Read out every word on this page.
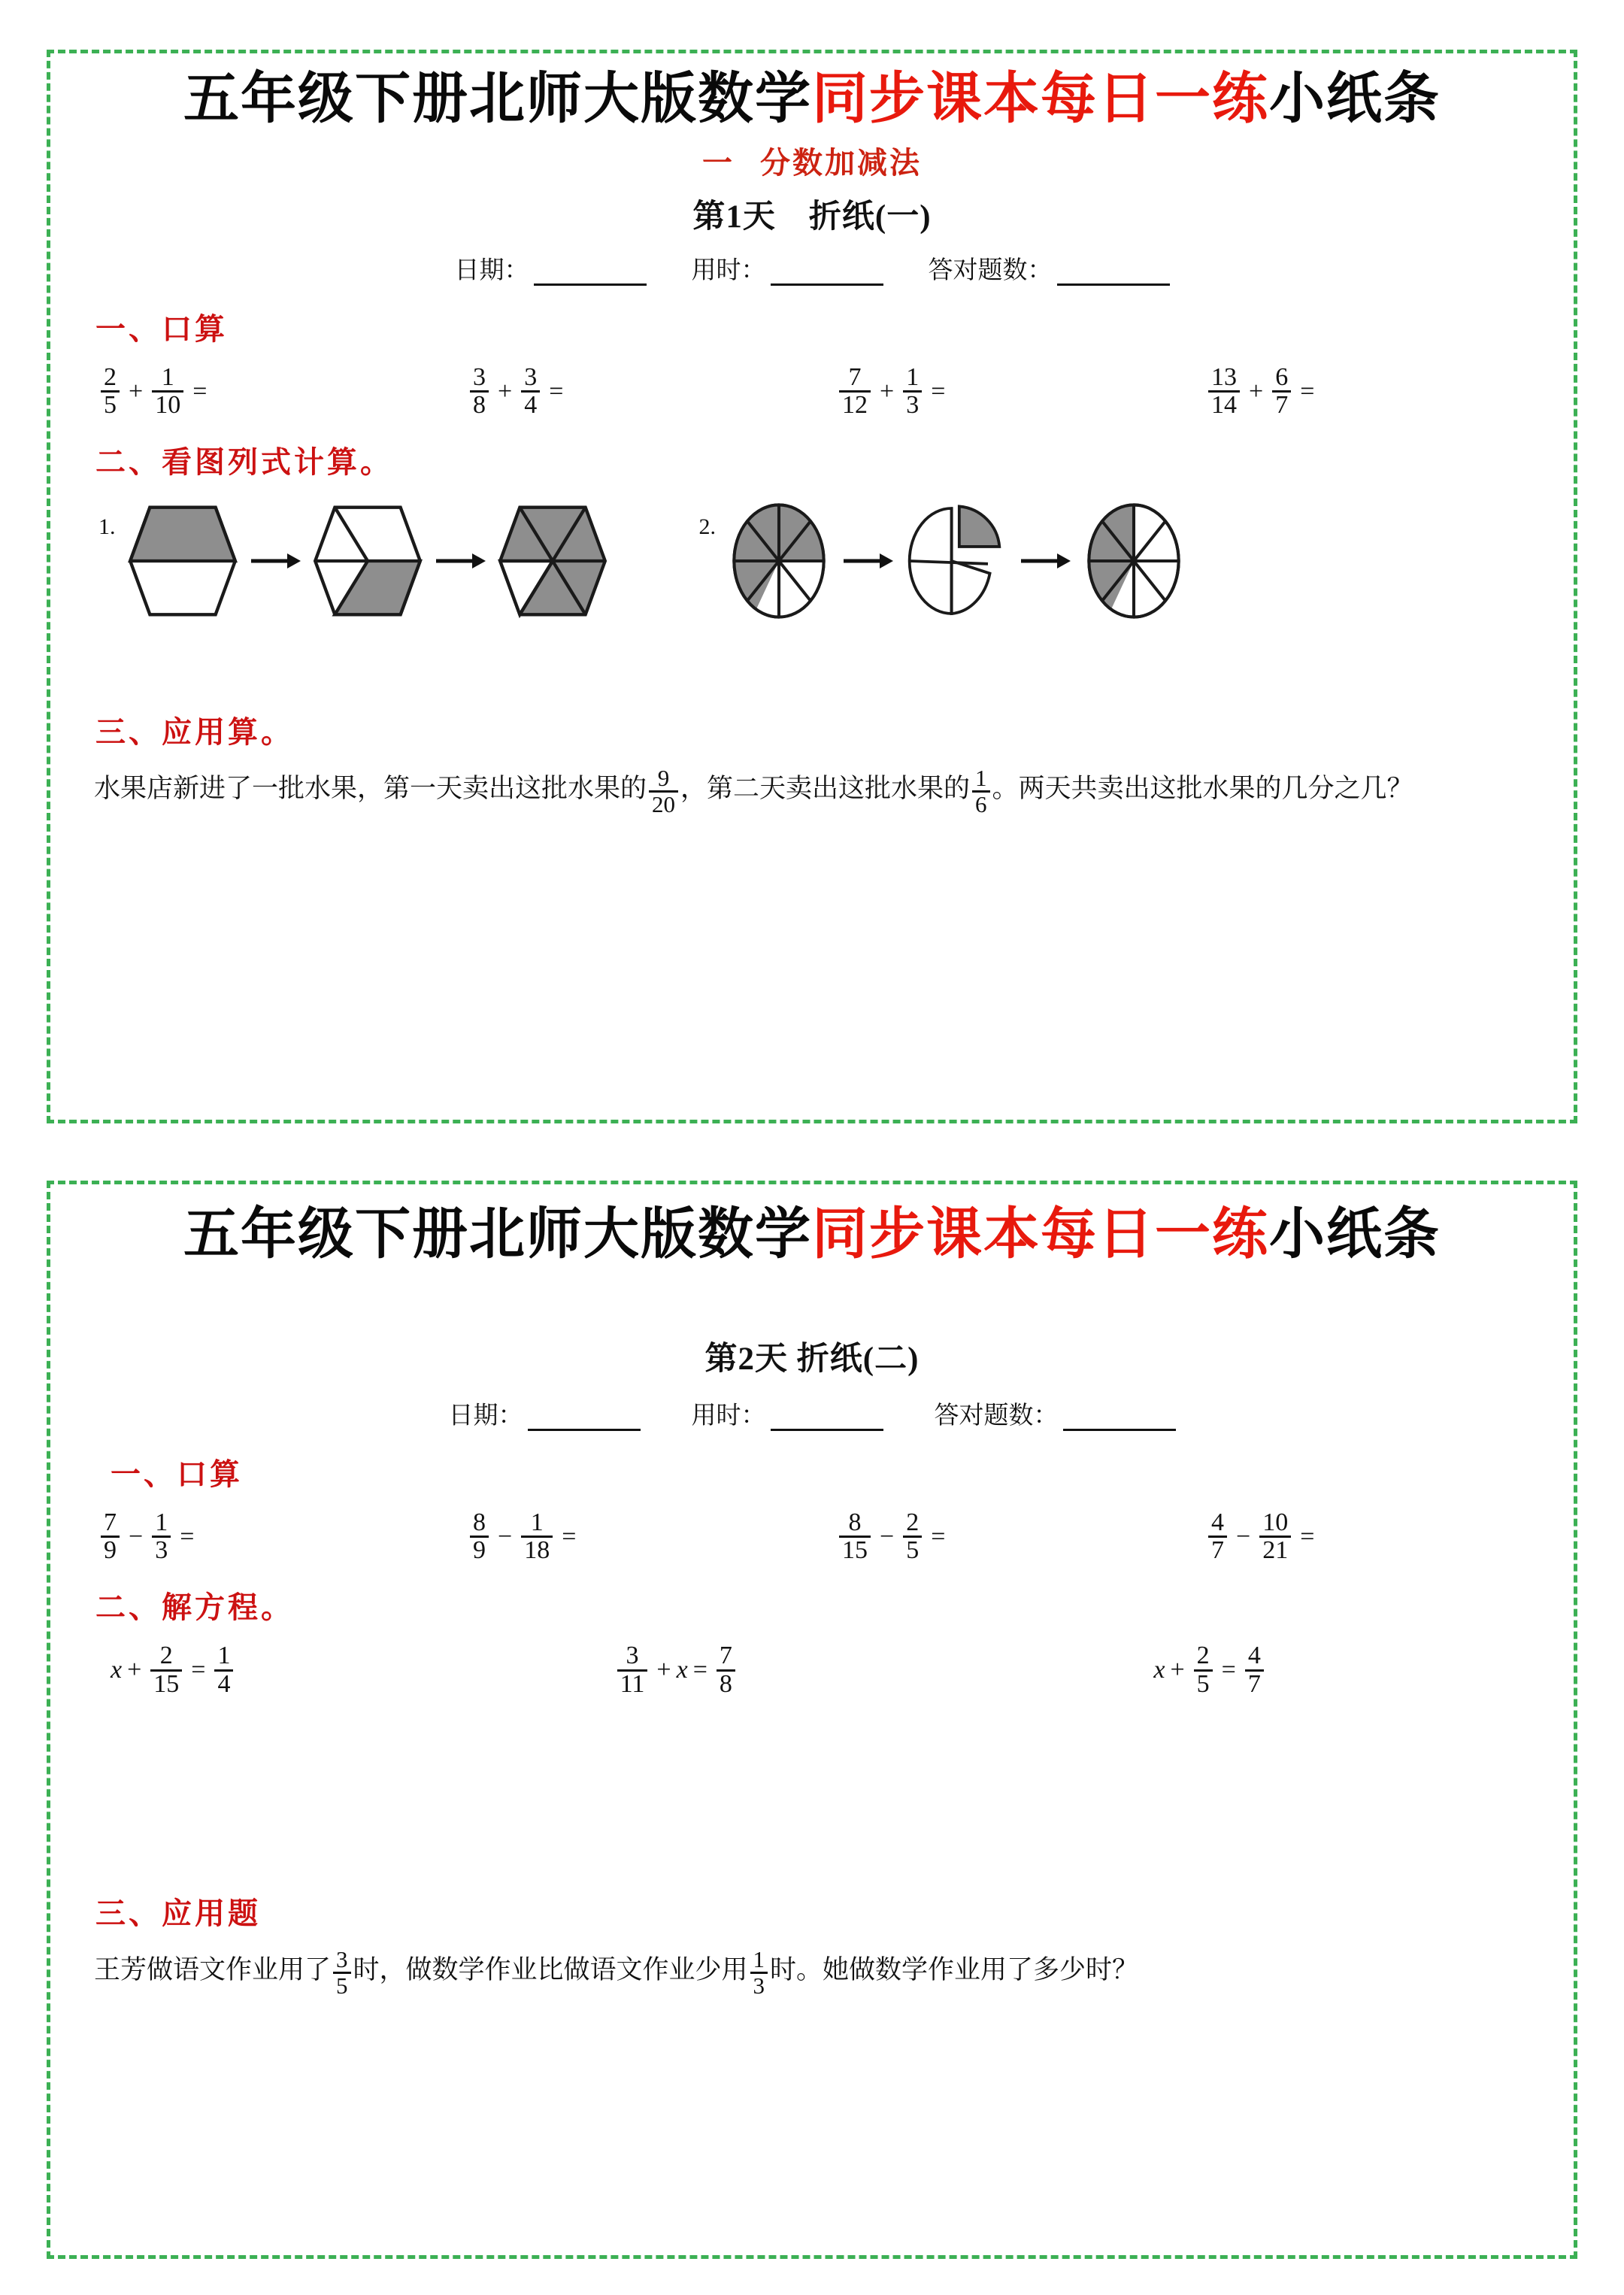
五年级下册北师大版数学同步课本每日一练小纸条
一 分数加减法
第1天　折纸(一)
日期：	用时：	答对题数：
一、口算
$\frac{2}{5} + \frac{1}{10}$ =	$\frac{3}{8} + \frac{3}{4}$ =	$\frac{7}{12} + \frac{1}{3}$ =	$\frac{13}{14} + \frac{6}{7}$ =
二、看图列式计算。
1.	2.
三、应用算。
水果店新进了一批水果，第一天卖出这批水果的 $\frac{9}{20}$ ，第二天卖出这批水果的 $\frac{1}{6}$ 。两天共卖出这批水果的几分之几？
五年级下册北师大版数学同步课本每日一练小纸条
第2天 折纸(二)
日期：	用时：	答对题数：
一、口算
$\frac{7}{9} - \frac{1}{3}$ =	$\frac{8}{9} - \frac{1}{18}$ =	$\frac{8}{15} - \frac{2}{5}$ =	$\frac{4}{7} - \frac{10}{21}$ =
二、解方程。
$x + \frac{2}{15} = \frac{1}{4}$	$\frac{3}{11} + x = \frac{7}{8}$	$x + \frac{2}{5} = \frac{4}{7}$
三、应用题
王芳做语文作业用了 $\frac{3}{5}$ 时，做数学作业比做语文作业少用 $\frac{1}{3}$ 时。她做数学作业用了多少时？
